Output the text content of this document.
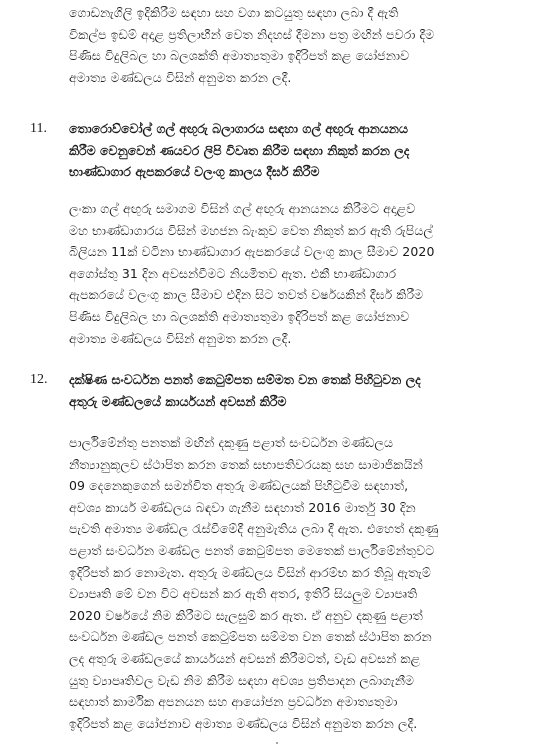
ගොඩනැගිලි ඉදිකිරීම සඳහා සහ වගා කටයුතු සඳහා ලබා දී ඇති
විකල්ප ඉඩම් අදාළ ප්‍රතිලාභීන් වෙත නිදහස් දීමනා පත්‍ර මඟින් පවරා දීම
පිණිස විදුලිබල හා බලශක්ති අමාත්‍යතුමා ඉදිරිපත් කළ යෝජනාව
අමාත්‍ය මණ්ඩලය විසින් අනුමත කරන ලදී.
11. තොරොව්වෝල් ගල් අඟුරු බලාගාරය සඳහා ගල් අඟුරු ආනයනය
කිරීම වෙනුවෙන් ණයවර ලිපි විවෘත කිරීම සඳහා නිකුත් කරන ලද
භාණ්ඩාගාර ඇපකරයේ වලංගු කාලය දීර්ඝ කිරීම
ලංකා ගල් අඟුරු සමාගම විසින් ගල් අඟුරු ආනයනය කිරීමට අදාළව
මහ භාණ්ඩාගාරය විසින් මහජන බැංකුව වෙත නිකුත් කර ඇති රුපියල්
බිලියන 11ක් වටිනා භාණ්ඩාගාර ඇපකරයේ වලංගු කාල සීමාව 2020
අගෝස්තු 31 දින අවසන්වීමට නියමිතව ඇත. එකී භාණ්ඩාගාර
ඇපකරයේ වලංගු කාල සීමාව එදින සිට තවත් වර්ෂයකින් දීර්ඝ කිරීම
පිණිස විදුලිබල හා බලශක්ති අමාත්‍යතුමා ඉදිරිපත් කළ යෝජනාව
අමාත්‍ය මණ්ඩලය විසින් අනුමත කරන ලදී.
12. දක්ෂිණ සංවර්ධන පනත් කෙටුම්පත සම්මත වන තෙක් පිහිටුවන ලද
අතුරු මණ්ඩලයේ කාර්යයන් අවසන් කිරීම
පාර්ලිමේන්තු පනතක් මඟින් දකුණු පළාත් සංවර්ධන මණ්ඩලය
නීත්‍යානුකූලව ස්ථාපිත කරන තෙක් සභාපතිවරයකු සහ සාමාජිකයින්
09 දෙනෙකුගෙන් සමන්විත අතුරු මණ්ඩලයක් පිහිටුවීම සඳහාත්,
අවශ්‍ය කාර්ය මණ්ඩලය බඳවා ගැනීම සඳහාත් 2016 මාර්තු 30 දින
පැවති අමාත්‍ය මණ්ඩල රැස්වීමේදී අනුමැතිය ලබා දී ඇත. එහෙත් දකුණු
පළාත් සංවර්ධන මණ්ඩල පනත් කෙටුම්පත මෙතෙක් පාර්ලිමේන්තුවට
ඉදිරිපත් කර නොමැත. අතුරු මණ්ඩලය විසින් ආරම්භ කර තිබූ ඇතැම්
ව්‍යාපෘති මේ වන විට අවසන් කර ඇති අතර, ඉතිරි සියලුම ව්‍යාපෘති
2020 වර්ෂයේ නිම කිරීමට සැලසුම් කර ඇත. ඒ අනුව දකුණු පළාත්
සංවර්ධන මණ්ඩල පනත් කෙටුම්පත සම්මත වන තෙක් ස්ථාපිත කරන
ලද අතුරු මණ්ඩලයේ කාර්යයන් අවසන් කිරීමටත්, වැඩ අවසන් කළ
යුතු ව්‍යාපෘතිවල වැඩ නිම කිරීම සඳහා අවශ්‍ය ප්‍රතිපාදන ලබාගැනීම
සඳහාත් කාර්මික අපනයන සහ ආයෝජන ප්‍රවර්ධන අමාත්‍යතුමා
ඉදිරිපත් කළ යෝජනාව අමාත්‍ය මණ්ඩලය විසින් අනුමත කරන ලදී.
